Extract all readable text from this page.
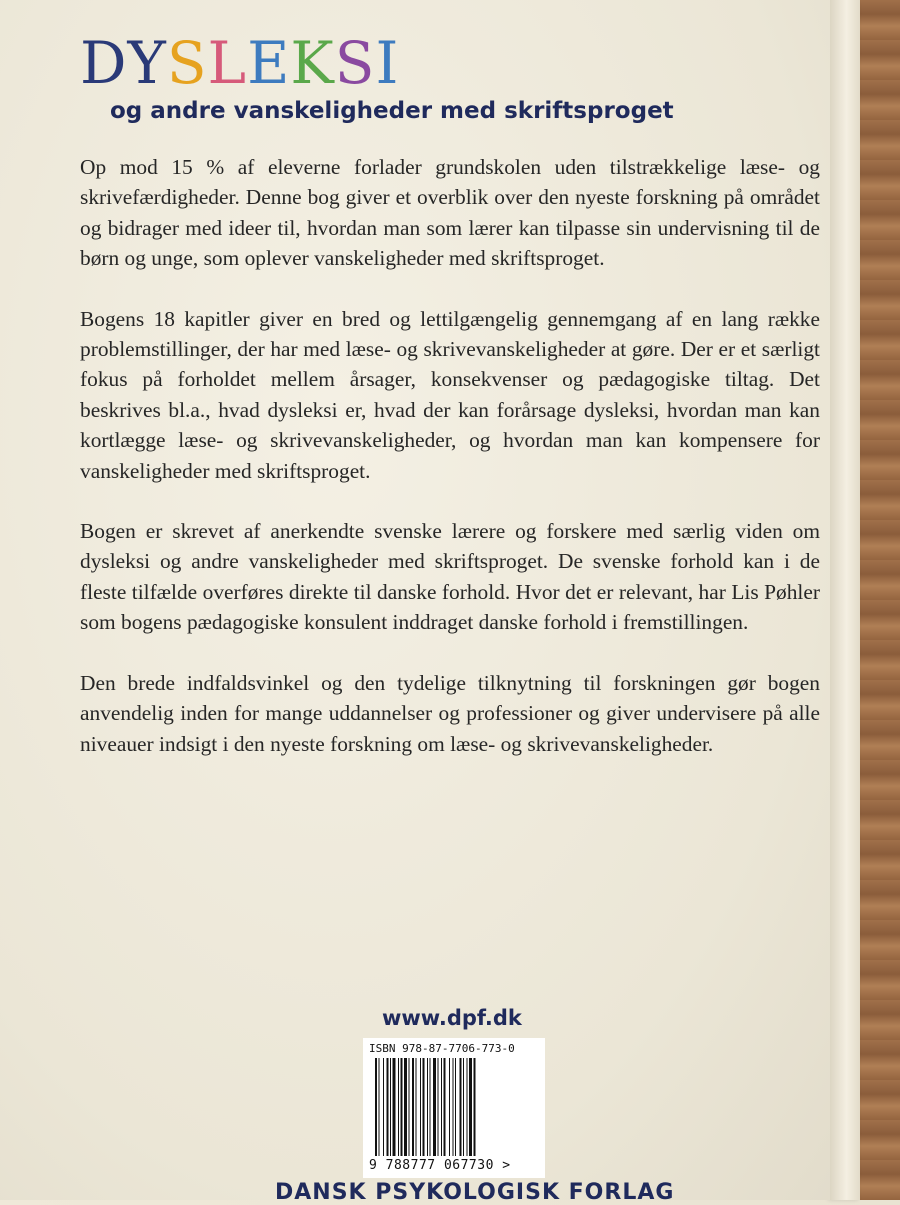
DYSLEKSI
og andre vanskeligheder med skriftsproget

Op mod 15 % af eleverne forlader grundskolen uden tilstrækkelige læse- og skrivefærdigheder. Denne bog giver et overblik over den nyeste forskning på området og bidrager med ideer til, hvordan man som lærer kan tilpasse sin undervisning til de børn og unge, som oplever vanskeligheder med skriftsproget.

Bogens 18 kapitler giver en bred og lettilgængelig gennemgang af en lang række problemstillinger, der har med læse- og skrivevanskeligheder at gøre. Der er et særligt fokus på forholdet mellem årsager, konsekvenser og pædagogiske tiltag. Det beskrives bl.a., hvad dysleksi er, hvad der kan forårsage dysleksi, hvordan man kan kortlægge læse- og skrivevanskeligheder, og hvordan man kan kompensere for vanskeligheder med skriftsproget.

Bogen er skrevet af anerkendte svenske lærere og forskere med særlig viden om dysleksi og andre vanskeligheder med skriftsproget. De svenske forhold kan i de fleste tilfælde overføres direkte til danske forhold. Hvor det er relevant, har Lis Pøhler som bogens pædagogiske konsulent inddraget danske forhold i fremstillingen.

Den brede indfaldsvinkel og den tydelige tilknytning til forskningen gør bogen anvendelig inden for mange uddannelser og professioner og giver undervisere på alle niveauer indsigt i den nyeste forskning om læse- og skrivevanskeligheder.

www.dpf.dk
ISBN 978-87-7706-773-0
9 788777 067730 >
DANSK PSYKOLOGISK FORLAG
